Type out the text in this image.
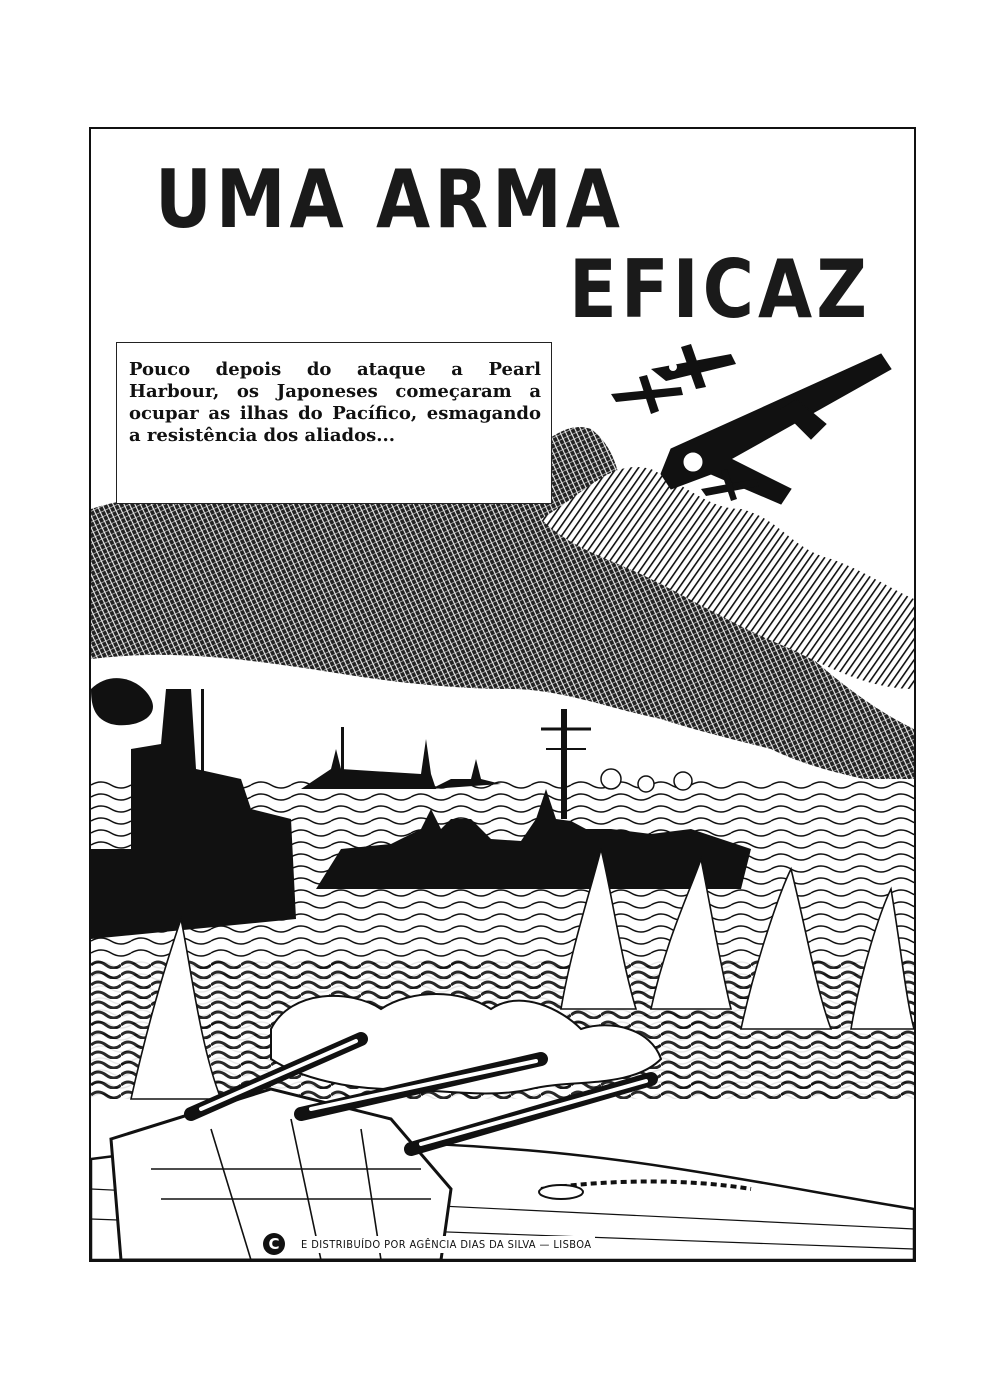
UMA ARMA
EFICAZ
Pouco depois do ataque a Pearl Harbour, os Japoneses começaram a ocupar as ilhas do Pacífico, esmagando a resistência dos aliados...
C	E DISTRIBUÍDO POR AGÊNCIA DIAS DA SILVA — LISBOA
